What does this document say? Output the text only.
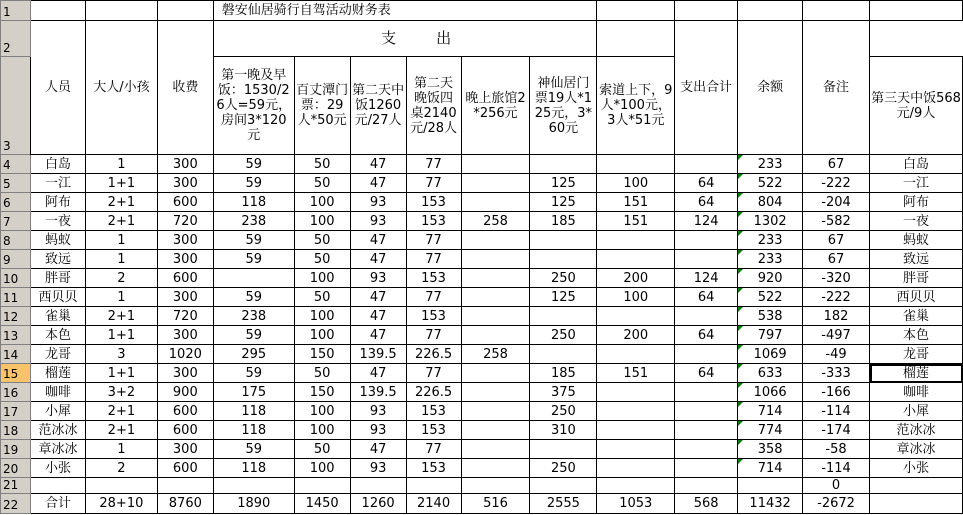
1				磐安仙居骑行自驾活动财务表										
2	人员	大人/小孩	收费	支			出				支出合计	余额	备注	
3				第一晚及早饭：1530/26人=59元，房间3*120元	百丈潭门票：29人*50元	第二天中饭1260元/27人	第二天晚饭四桌2140元/28人	晚上旅馆2*256元	神仙居门票19人*125元，3*60元	索道上下，9人*100元，3人*51元				第三天中饭568元/9人
4	白岛	1	300	59	50	47	77					233	67	白岛
5	一江	1+1	300	59	50	47	77		125	100	64	522	-222	一江
6	阿布	2+1	600	118	100	93	153		125	151	64	804	-204	阿布
7	一夜	2+1	720	238	100	93	153	258	185	151	124	1302	-582	一夜
8	蚂蚁	1	300	59	50	47	77					233	67	蚂蚁
9	致远	1	300	59	50	47	77					233	67	致远
10	胖哥	2	600		100	93	153		250	200	124	920	-320	胖哥
11	西贝贝	1	300	59	50	47	77		125	100	64	522	-222	西贝贝
12	雀巢	2+1	720	238	100	47	153					538	182	雀巢
13	本色	1+1	300	59	100	47	77		250	200	64	797	-497	本色
14	龙哥	3	1020	295	150	139.5	226.5	258				1069	-49	龙哥
15	榴莲	1+1	300	59	50	47	77		185	151	64	633	-333	榴莲
16	咖啡	3+2	900	175	150	139.5	226.5		375			1066	-166	咖啡
17	小犀	2+1	600	118	100	93	153		250			714	-114	小犀
18	范冰冰	2+1	600	118	100	93	153		310			774	-174	范冰冰
19	章冰冰	1	300	59	50	47	77					358	-58	章冰冰
20	小张	2	600	118	100	93	153		250			714	-114	小张
21													0	
22	合计	28+10	8760	1890	1450	1260	2140	516	2555	1053	568	11432	-2672	
